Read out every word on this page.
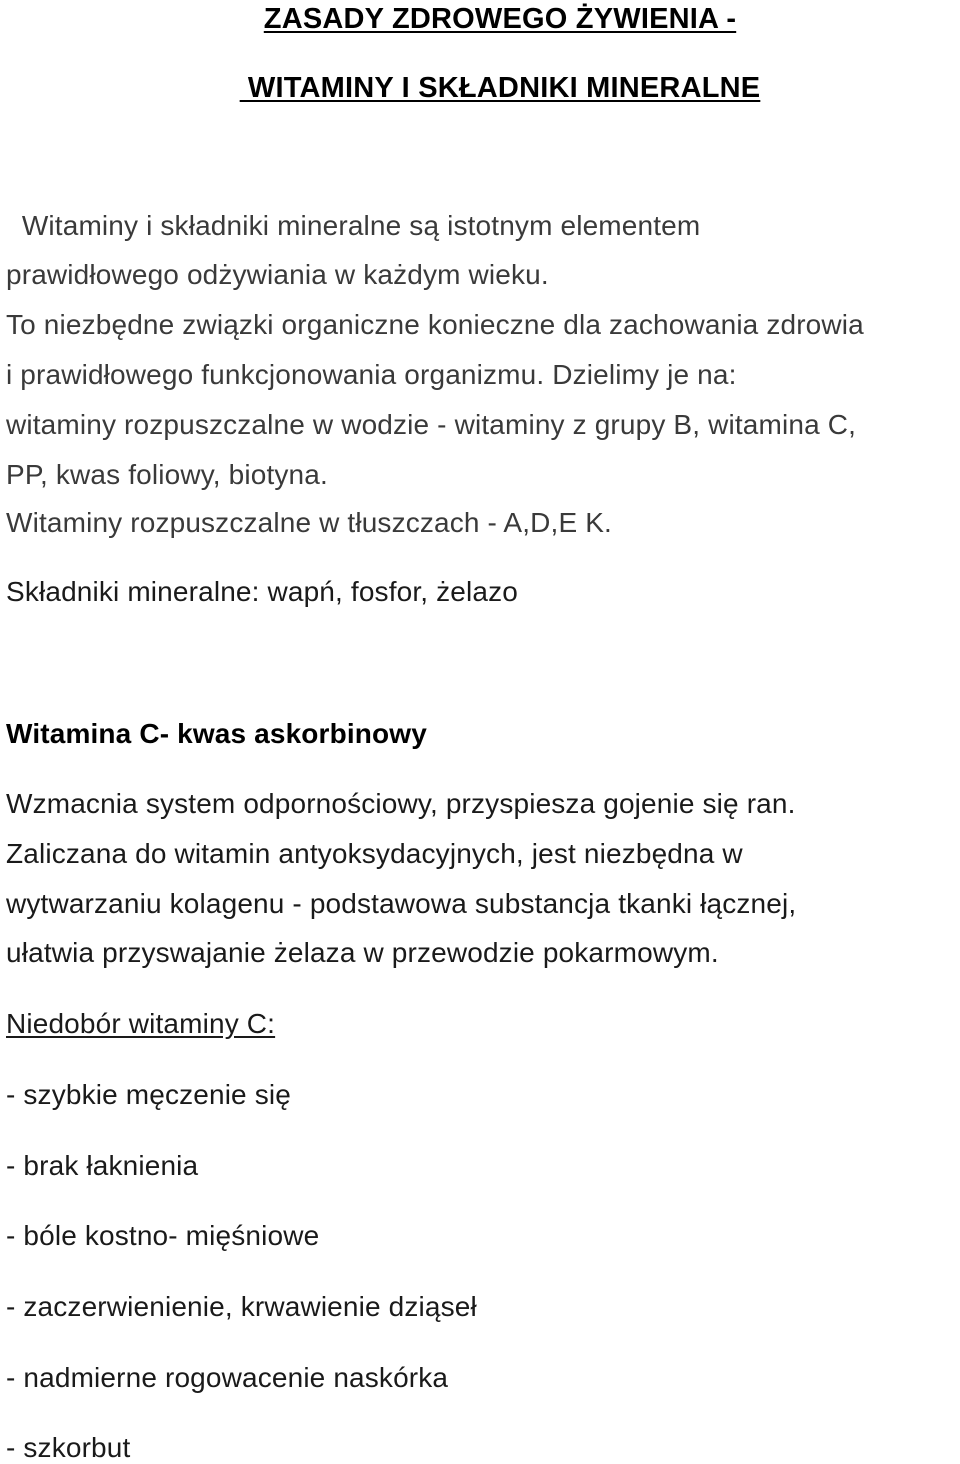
ZASADY ZDROWEGO ŻYWIENIA -
WITAMINY I SKŁADNIKI MINERALNE
Witaminy i składniki mineralne są istotnym elementem
prawidłowego odżywiania w każdym wieku.
To niezbędne związki organiczne konieczne dla zachowania zdrowia
i prawidłowego funkcjonowania organizmu. Dzielimy je na:
witaminy rozpuszczalne w wodzie - witaminy z grupy B, witamina C,
PP, kwas foliowy, biotyna.
Witaminy rozpuszczalne w tłuszczach - A,D,E K.
Składniki mineralne: wapń, fosfor, żelazo
Witamina C- kwas askorbinowy
Wzmacnia system odpornościowy, przyspiesza gojenie się ran.
Zaliczana do witamin antyoksydacyjnych, jest niezbędna w
wytwarzaniu kolagenu - podstawowa substancja tkanki łącznej,
ułatwia przyswajanie żelaza w przewodzie pokarmowym.
Niedobór witaminy C:
- szybkie męczenie się
- brak łaknienia
- bóle kostno- mięśniowe
- zaczerwienienie, krwawienie dziąseł
- nadmierne rogowacenie naskórka
- szkorbut
